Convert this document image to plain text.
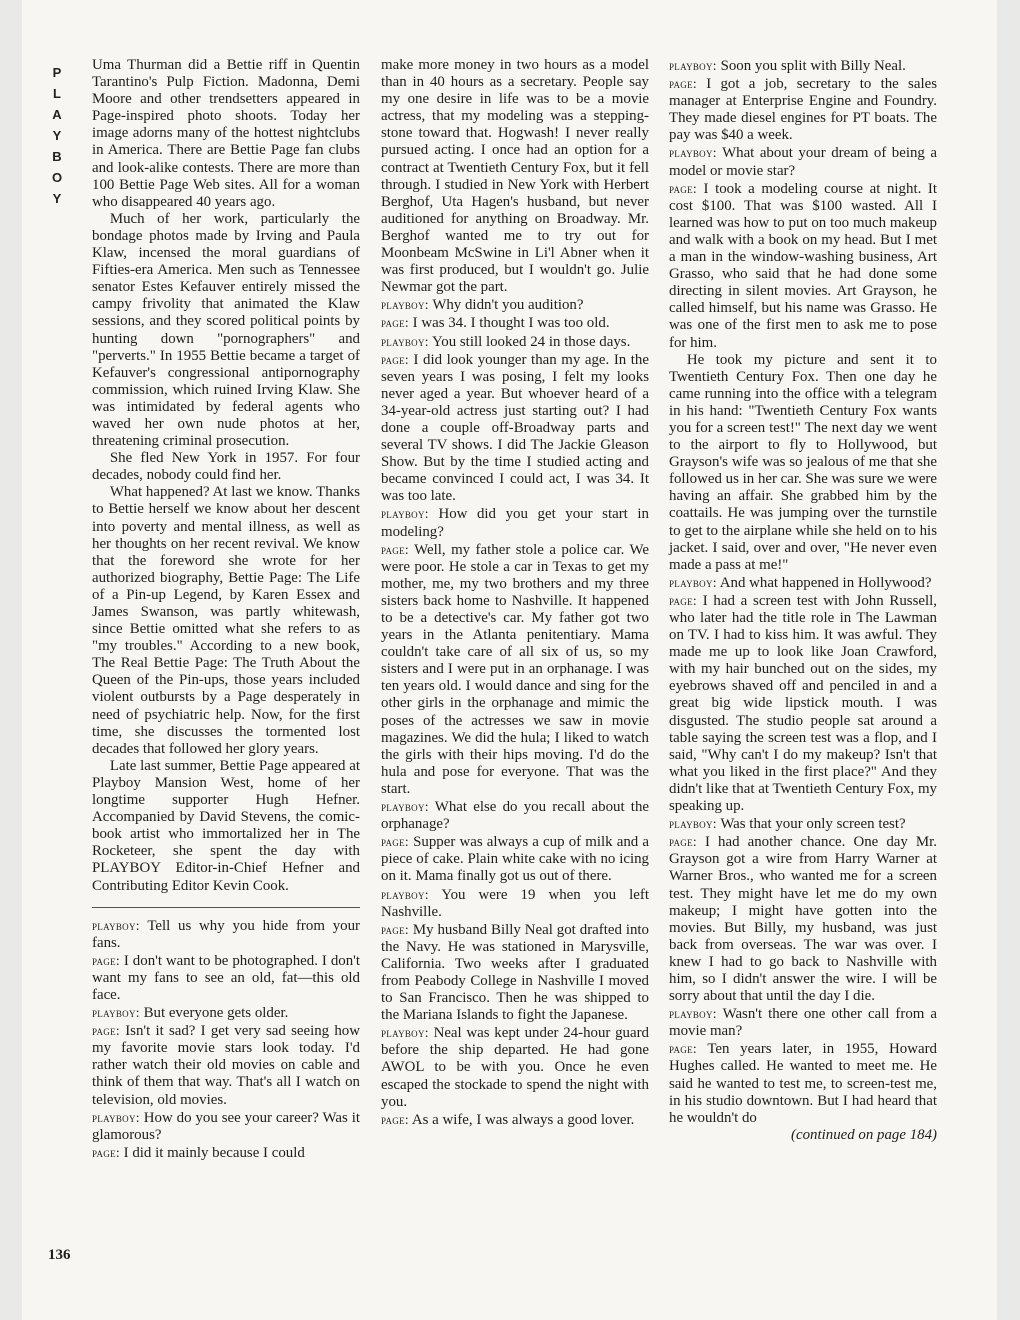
P
L
A
Y
B
O
Y

Uma Thurman did a Bettie riff in Quentin Tarantino's Pulp Fiction. Madonna, Demi Moore and other trendsetters appeared in Page-inspired photo shoots. Today her image adorns many of the hottest nightclubs in America. There are Bettie Page fan clubs and look-alike contests. There are more than 100 Bettie Page Web sites. All for a woman who disappeared 40 years ago.

Much of her work, particularly the bondage photos made by Irving and Paula Klaw, incensed the moral guardians of Fifties-era America. Men such as Tennessee senator Estes Kefauver entirely missed the campy frivolity that animated the Klaw sessions, and they scored political points by hunting down "pornographers" and "perverts." In 1955 Bettie became a target of Kefauver's congressional antipornography commission, which ruined Irving Klaw. She was intimidated by federal agents who waved her own nude photos at her, threatening criminal prosecution.

She fled New York in 1957. For four decades, nobody could find her.

What happened? At last we know. Thanks to Bettie herself we know about her descent into poverty and mental illness, as well as her thoughts on her recent revival. We know that the foreword she wrote for her authorized biography, Bettie Page: The Life of a Pin-up Legend, by Karen Essex and James Swanson, was partly whitewash, since Bettie omitted what she refers to as "my troubles." According to a new book, The Real Bettie Page: The Truth About the Queen of the Pin-ups, those years included violent outbursts by a Page desperately in need of psychiatric help. Now, for the first time, she discusses the tormented lost decades that followed her glory years.

Late last summer, Bettie Page appeared at Playboy Mansion West, home of her longtime supporter Hugh Hefner. Accompanied by David Stevens, the comic-book artist who immortalized her in The Rocketeer, she spent the day with PLAYBOY Editor-in-Chief Hefner and Contributing Editor Kevin Cook.

playboy: Tell us why you hide from your fans.

page: I don't want to be photographed. I don't want my fans to see an old, fat—this old face.

playboy: But everyone gets older.

page: Isn't it sad? I get very sad seeing how my favorite movie stars look today. I'd rather watch their old movies on cable and think of them that way. That's all I watch on television, old movies.

playboy: How do you see your career? Was it glamorous?

page: I did it mainly because I could

make more money in two hours as a model than in 40 hours as a secretary. People say my one desire in life was to be a movie actress, that my modeling was a stepping-stone toward that. Hogwash! I never really pursued acting. I once had an option for a contract at Twentieth Century Fox, but it fell through. I studied in New York with Herbert Berghof, Uta Hagen's husband, but never auditioned for anything on Broadway. Mr. Berghof wanted me to try out for Moonbeam McSwine in Li'l Abner when it was first produced, but I wouldn't go. Julie Newmar got the part.

playboy: Why didn't you audition?

page: I was 34. I thought I was too old.

playboy: You still looked 24 in those days.

page: I did look younger than my age. In the seven years I was posing, I felt my looks never aged a year. But whoever heard of a 34-year-old actress just starting out? I had done a couple off-Broadway parts and several TV shows. I did The Jackie Gleason Show. But by the time I studied acting and became convinced I could act, I was 34. It was too late.

playboy: How did you get your start in modeling?

page: Well, my father stole a police car. We were poor. He stole a car in Texas to get my mother, me, my two brothers and my three sisters back home to Nashville. It happened to be a detective's car. My father got two years in the Atlanta penitentiary. Mama couldn't take care of all six of us, so my sisters and I were put in an orphanage. I was ten years old. I would dance and sing for the other girls in the orphanage and mimic the poses of the actresses we saw in movie magazines. We did the hula; I liked to watch the girls with their hips moving. I'd do the hula and pose for everyone. That was the start.

playboy: What else do you recall about the orphanage?

page: Supper was always a cup of milk and a piece of cake. Plain white cake with no icing on it. Mama finally got us out of there.

playboy: You were 19 when you left Nashville.

page: My husband Billy Neal got drafted into the Navy. He was stationed in Marysville, California. Two weeks after I graduated from Peabody College in Nashville I moved to San Francisco. Then he was shipped to the Mariana Islands to fight the Japanese.

playboy: Neal was kept under 24-hour guard before the ship departed. He had gone AWOL to be with you. Once he even escaped the stockade to spend the night with you.

page: As a wife, I was always a good lover.

playboy: Soon you split with Billy Neal.

page: I got a job, secretary to the sales manager at Enterprise Engine and Foundry. They made diesel engines for PT boats. The pay was $40 a week.

playboy: What about your dream of being a model or movie star?

page: I took a modeling course at night. It cost $100. That was $100 wasted. All I learned was how to put on too much makeup and walk with a book on my head. But I met a man in the window-washing business, Art Grasso, who said that he had done some directing in silent movies. Art Grayson, he called himself, but his name was Grasso. He was one of the first men to ask me to pose for him.

He took my picture and sent it to Twentieth Century Fox. Then one day he came running into the office with a telegram in his hand: "Twentieth Century Fox wants you for a screen test!" The next day we went to the airport to fly to Hollywood, but Grayson's wife was so jealous of me that she followed us in her car. She was sure we were having an affair. She grabbed him by the coattails. He was jumping over the turnstile to get to the airplane while she held on to his jacket. I said, over and over, "He never even made a pass at me!"

playboy: And what happened in Hollywood?

page: I had a screen test with John Russell, who later had the title role in The Lawman on TV. I had to kiss him. It was awful. They made me up to look like Joan Crawford, with my hair bunched out on the sides, my eyebrows shaved off and penciled in and a great big wide lipstick mouth. I was disgusted. The studio people sat around a table saying the screen test was a flop, and I said, "Why can't I do my makeup? Isn't that what you liked in the first place?" And they didn't like that at Twentieth Century Fox, my speaking up.

playboy: Was that your only screen test?

page: I had another chance. One day Mr. Grayson got a wire from Harry Warner at Warner Bros., who wanted me for a screen test. They might have let me do my own makeup; I might have gotten into the movies. But Billy, my husband, was just back from overseas. The war was over. I knew I had to go back to Nashville with him, so I didn't answer the wire. I will be sorry about that until the day I die.

playboy: Wasn't there one other call from a movie man?

page: Ten years later, in 1955, Howard Hughes called. He wanted to meet me. He said he wanted to test me, to screen-test me, in his studio downtown. But I had heard that he wouldn't do

(continued on page 184)

136
